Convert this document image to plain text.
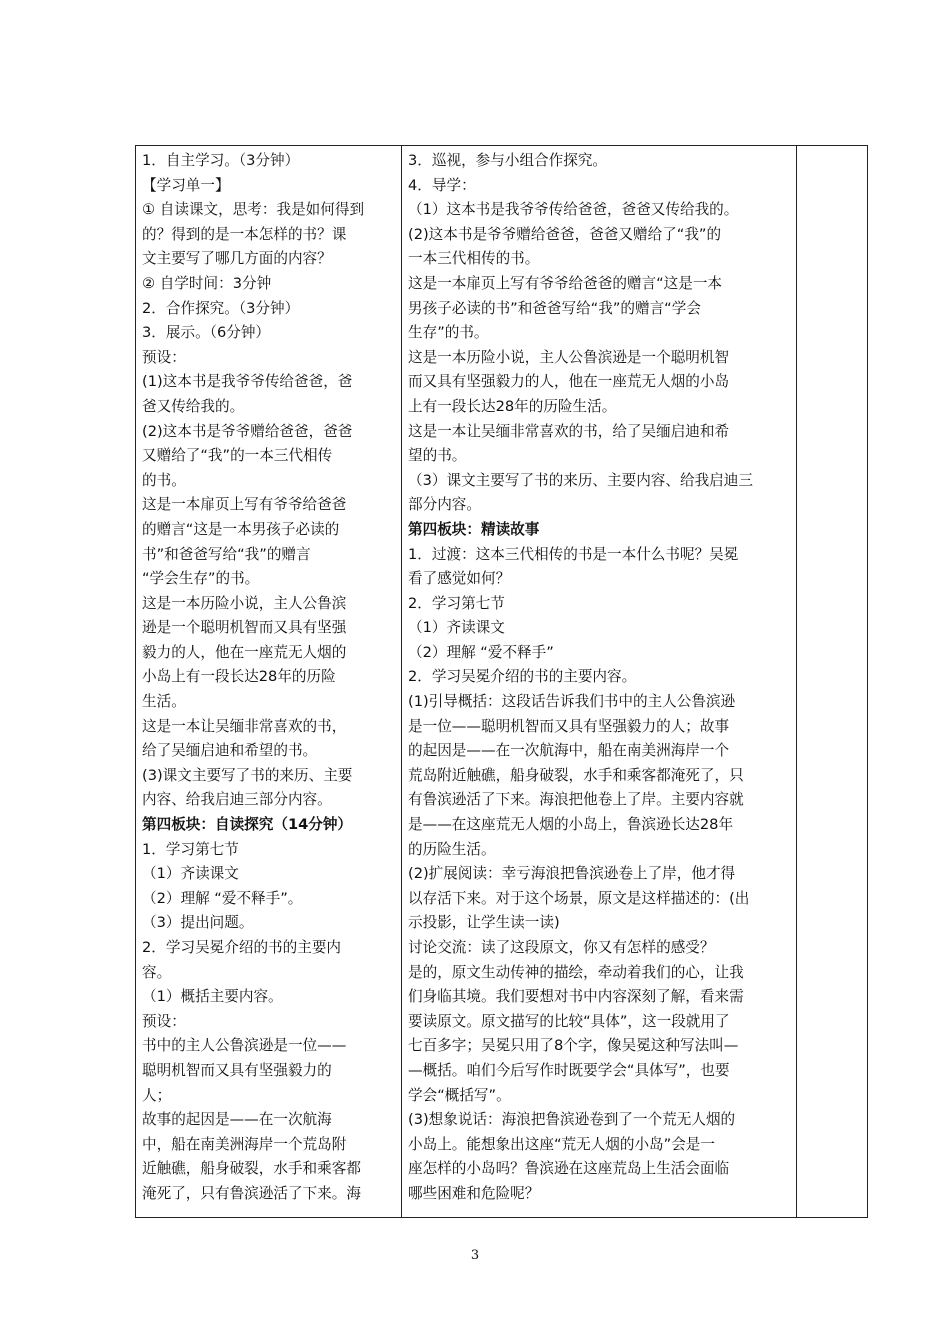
1．自主学习。（3分钟）
【学习单一】
① 自读课文，思考：我是如何得到
的？得到的是一本怎样的书？课
文主要写了哪几方面的内容？
② 自学时间：3分钟
2．合作探究。（3分钟）
3．展示。（6分钟）
预设：
(1)这本书是我爷爷传给爸爸，爸
爸又传给我的。
(2)这本书是爷爷赠给爸爸，爸爸
又赠给了“我”的一本三代相传
的书。
这是一本扉页上写有爷爷给爸爸
的赠言“这是一本男孩子必读的
书”和爸爸写给“我”的赠言
“学会生存”的书。
这是一本历险小说，主人公鲁滨
逊是一个聪明机智而又具有坚强
毅力的人，他在一座荒无人烟的
小岛上有一段长达28年的历险
生活。
这是一本让吴缅非常喜欢的书，
给了吴缅启迪和希望的书。
(3)课文主要写了书的来历、主要
内容、给我启迪三部分内容。
第四板块：自读探究（14分钟）
1．学习第七节
（1）齐读课文
（2）理解 “爱不释手”。
（3）提出问题。
2．学习吴冕介绍的书的主要内
容。
（1）概括主要内容。
预设：
书中的主人公鲁滨逊是一位——
聪明机智而又具有坚强毅力的
人；
故事的起因是——在一次航海
中，船在南美洲海岸一个荒岛附
近触礁，船身破裂，水手和乘客都
淹死了，只有鲁滨逊活了下来。海

3．巡视，参与小组合作探究。
4．导学：
（1）这本书是我爷爷传给爸爸，爸爸又传给我的。
(2)这本书是爷爷赠给爸爸，爸爸又赠给了“我”的
一本三代相传的书。
这是一本扉页上写有爷爷给爸爸的赠言“这是一本
男孩子必读的书”和爸爸写给“我”的赠言“学会
生存”的书。
这是一本历险小说，主人公鲁滨逊是一个聪明机智
而又具有坚强毅力的人，他在一座荒无人烟的小岛
上有一段长达28年的历险生活。
这是一本让吴缅非常喜欢的书，给了吴缅启迪和希
望的书。
（3）课文主要写了书的来历、主要内容、给我启迪三
部分内容。
第四板块：精读故事
1．过渡：这本三代相传的书是一本什么书呢？吴冕
看了感觉如何？
2．学习第七节
（1）齐读课文
（2）理解 “爱不释手”
2．学习吴冕介绍的书的主要内容。
(1)引导概括：这段话告诉我们书中的主人公鲁滨逊
是一位——聪明机智而又具有坚强毅力的人；故事
的起因是——在一次航海中，船在南美洲海岸一个
荒岛附近触礁，船身破裂，水手和乘客都淹死了，只
有鲁滨逊活了下来。海浪把他卷上了岸。主要内容就
是——在这座荒无人烟的小岛上，鲁滨逊长达28年
的历险生活。
(2)扩展阅读：幸亏海浪把鲁滨逊卷上了岸，他才得
以存活下来。对于这个场景，原文是这样描述的：(出
示投影，让学生读一读)
讨论交流：读了这段原文，你又有怎样的感受？
是的，原文生动传神的描绘，牵动着我们的心，让我
们身临其境。我们要想对书中内容深刻了解，看来需
要读原文。原文描写的比较“具体”，这一段就用了
七百多字；吴冕只用了8个字，像吴冕这种写法叫—
—概括。咱们今后写作时既要学会“具体写”，也要
学会“概括写”。
(3)想象说话：海浪把鲁滨逊卷到了一个荒无人烟的
小岛上。能想象出这座“荒无人烟的小岛”会是一
座怎样的小岛吗？鲁滨逊在这座荒岛上生活会面临
哪些困难和危险呢？

3
